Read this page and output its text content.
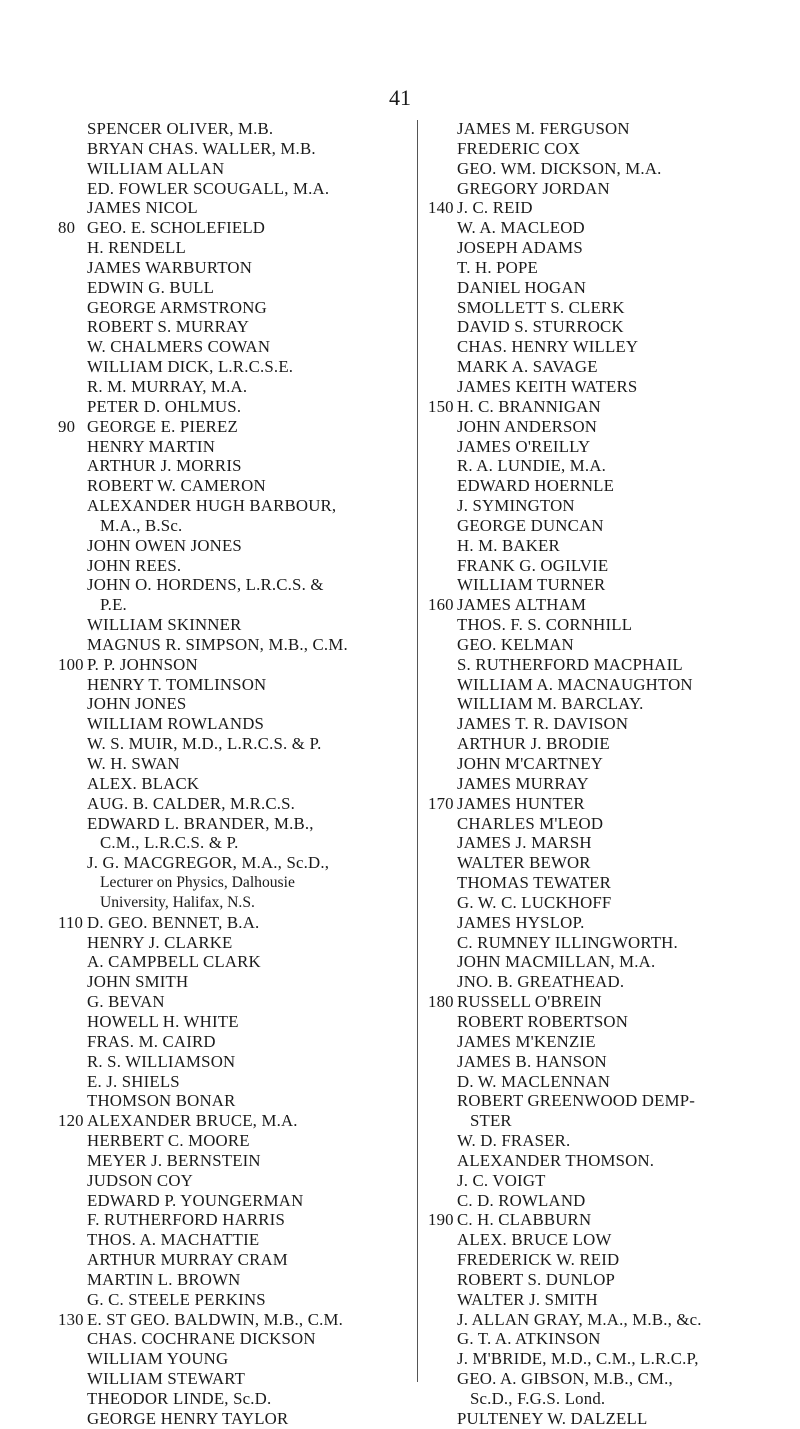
41
SPENCER OLIVER, M.B.
BRYAN CHAS. WALLER, M.B.
WILLIAM ALLAN
ED. FOWLER SCOUGALL, M.A.
JAMES NICOL
80 GEO. E. SCHOLEFIELD
H. RENDELL
JAMES WARBURTON
EDWIN G. BULL
GEORGE ARMSTRONG
ROBERT S. MURRAY
W. CHALMERS COWAN
WILLIAM DICK, L.R.C.S.E.
R. M. MURRAY, M.A.
PETER D. OHLMUS.
90 GEORGE E. PIEREZ
HENRY MARTIN
ARTHUR J. MORRIS
ROBERT W. CAMERON
ALEXANDER HUGH BARBOUR,
M.A., B.Sc.
JOHN OWEN JONES
JOHN REES.
JOHN O. HORDENS, L.R.C.S. &
P.E.
WILLIAM SKINNER
MAGNUS R. SIMPSON, M.B., C.M.
100 P. P. JOHNSON
HENRY T. TOMLINSON
JOHN JONES
WILLIAM ROWLANDS
W. S. MUIR, M.D., L.R.C.S. & P.
W. H. SWAN
ALEX. BLACK
AUG. B. CALDER, M.R.C.S.
EDWARD L. BRANDER, M.B.,
C.M., L.R.C.S. & P.
J. G. MACGREGOR, M.A., Sc.D.,
Lecturer on Physics, Dalhousie
University, Halifax, N.S.
110 D. GEO. BENNET, B.A.
HENRY J. CLARKE
A. CAMPBELL CLARK
JOHN SMITH
G. BEVAN
HOWELL H. WHITE
FRAS. M. CAIRD
R. S. WILLIAMSON
E. J. SHIELS
THOMSON BONAR
120 ALEXANDER BRUCE, M.A.
HERBERT C. MOORE
MEYER J. BERNSTEIN
JUDSON COY
EDWARD P. YOUNGERMAN
F. RUTHERFORD HARRIS
THOS. A. MACHATTIE
ARTHUR MURRAY CRAM
MARTIN L. BROWN
G. C. STEELE PERKINS
130 E. ST GEO. BALDWIN, M.B., C.M.
CHAS. COCHRANE DICKSON
WILLIAM YOUNG
WILLIAM STEWART
THEODOR LINDE, Sc.D.
GEORGE HENRY TAYLOR
JAMES M. FERGUSON
FREDERIC COX
GEO. WM. DICKSON, M.A.
GREGORY JORDAN
140 J. C. REID
W. A. MACLEOD
JOSEPH ADAMS
T. H. POPE
DANIEL HOGAN
SMOLLETT S. CLERK
DAVID S. STURROCK
CHAS. HENRY WILLEY
MARK A. SAVAGE
JAMES KEITH WATERS
150 H. C. BRANNIGAN
JOHN ANDERSON
JAMES O'REILLY
R. A. LUNDIE, M.A.
EDWARD HOERNLE
J. SYMINGTON
GEORGE DUNCAN
H. M. BAKER
FRANK G. OGILVIE
WILLIAM TURNER
160 JAMES ALTHAM
THOS. F. S. CORNHILL
GEO. KELMAN
S. RUTHERFORD MACPHAIL
WILLIAM A. MACNAUGHTON
WILLIAM M. BARCLAY.
JAMES T. R. DAVISON
ARTHUR J. BRODIE
JOHN M'CARTNEY
JAMES MURRAY
170 JAMES HUNTER
CHARLES M'LEOD
JAMES J. MARSH
WALTER BEWOR
THOMAS TEWATER
G. W. C. LUCKHOFF
JAMES HYSLOP.
C. RUMNEY ILLINGWORTH.
JOHN MACMILLAN, M.A.
JNO. B. GREATHEAD.
180 RUSSELL O'BREIN
ROBERT ROBERTSON
JAMES M'KENZIE
JAMES B. HANSON
D. W. MACLENNAN
ROBERT GREENWOOD DEMP-
STER
W. D. FRASER.
ALEXANDER THOMSON.
J. C. VOIGT
C. D. ROWLAND
190 C. H. CLABBURN
ALEX. BRUCE LOW
FREDERICK W. REID
ROBERT S. DUNLOP
WALTER J. SMITH
J. ALLAN GRAY, M.A., M.B., &c.
G. T. A. ATKINSON
J. M'BRIDE, M.D., C.M., L.R.C.P,
GEO. A. GIBSON, M.B., CM.,
Sc.D., F.G.S. Lond.
PULTENEY W. DALZELL
